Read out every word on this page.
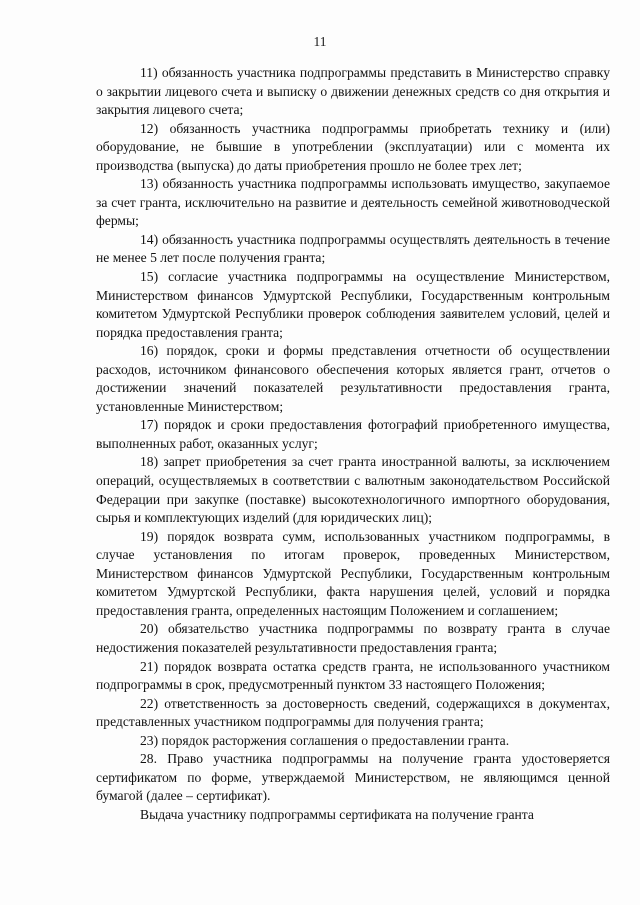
11

11) обязанность участника подпрограммы представить в Министерство справку о закрытии лицевого счета и выписку о движении денежных средств со дня открытия и закрытия лицевого счета;

12) обязанность участника подпрограммы приобретать технику и (или) оборудование, не бывшие в употреблении (эксплуатации) или с момента их производства (выпуска) до даты приобретения прошло не более трех лет;

13) обязанность участника подпрограммы использовать имущество, закупаемое за счет гранта, исключительно на развитие и деятельность семейной животноводческой фермы;

14) обязанность участника подпрограммы осуществлять деятельность в течение не менее 5 лет после получения гранта;

15) согласие участника подпрограммы на осуществление Министерством, Министерством финансов Удмуртской Республики, Государственным контрольным комитетом Удмуртской Республики проверок соблюдения заявителем условий, целей и порядка предоставления гранта;

16) порядок, сроки и формы представления отчетности об осуществлении расходов, источником финансового обеспечения которых является грант, отчетов о достижении значений показателей результативности предоставления гранта, установленные Министерством;

17) порядок и сроки предоставления фотографий приобретенного имущества, выполненных работ, оказанных услуг;

18) запрет приобретения за счет гранта иностранной валюты, за исключением операций, осуществляемых в соответствии с валютным законодательством Российской Федерации при закупке (поставке) высокотехнологичного импортного оборудования, сырья и комплектующих изделий (для юридических лиц);

19) порядок возврата сумм, использованных участником подпрограммы, в случае установления по итогам проверок, проведенных Министерством, Министерством финансов Удмуртской Республики, Государственным контрольным комитетом Удмуртской Республики, факта нарушения целей, условий и порядка предоставления гранта, определенных настоящим Положением и соглашением;

20) обязательство участника подпрограммы по возврату гранта в случае недостижения показателей результативности предоставления гранта;

21) порядок возврата остатка средств гранта, не использованного участником подпрограммы в срок, предусмотренный пунктом 33 настоящего Положения;

22) ответственность за достоверность сведений, содержащихся в документах, представленных участником подпрограммы для получения гранта;

23) порядок расторжения соглашения о предоставлении гранта.

28. Право участника подпрограммы на получение гранта удостоверяется сертификатом по форме, утверждаемой Министерством, не являющимся ценной бумагой (далее – сертификат).

Выдача участнику подпрограммы сертификата на получение гранта
